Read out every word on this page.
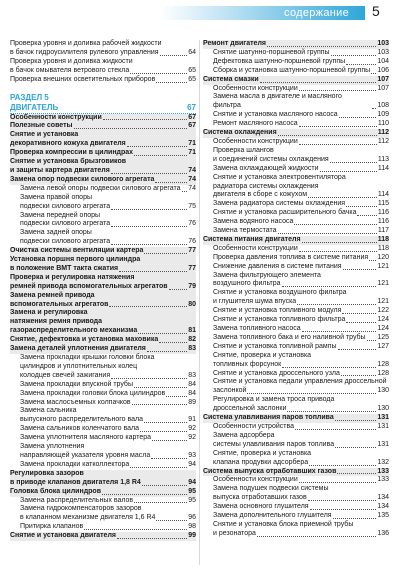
содержание 5
Проверка уровня и доливка рабочей жидкости
в бачок гидроусилителя рулевого управления	64
Проверка уровня и доливка жидкости
в бачок омывателя ветрового стекла	65
Проверка внешних осветительных приборов	65
РАЗДЕЛ 5
ДВИГАТЕЛЬ	67
Особенности конструкции	67
Полезные советы	67
Снятие и установка
декоративного кожуха двигателя	71
Проверка компрессии в цилиндрах	71
Снятие и установка брызговиков
и защиты картера двигателя	74
Замена опор подвески силового агрегата	74
Замена левой опоры подвески силового агрегата 74
Замена правой опоры
подвески силового агрегата	75
Замена передней опоры
подвески силового агрегата	76
Замена задней опоры
подвески силового агрегата	76
Очистка системы вентиляции картера	77
Установка поршня первого цилиндра
в положение ВМТ такта сжатия	77
Проверка и регулировка натяжения
ремней привода вспомогательных агрегатов	79
Замена ремней привода
вспомогательных агрегатов	80
Замена и регулировка
натяжения ремня привода
газораспределительного механизма	81
Снятие, дефектовка и установка маховика	82
Замена деталей уплотнения двигателя	83
Замена прокладки крышки головки блока
цилиндров и уплотнительных колец
колодцев свечей зажигания	83
Замена прокладки впускной трубы	84
Замена прокладки головки блока цилиндров	84
Замена маслосъемных колпачков	89
Замена сальника
выпускного распределительного вала	91
Замена сальников коленчатого вала	92
Замена уплотнителя масляного картера	92
Замена уплотнения
направляющей указателя уровня масла	93
Замена прокладки катколлектора	94
Регулировка зазоров
в приводе клапанов двигателя 1,8 R4	94
Головка блока цилиндров	95
Замена распределительных валов	95
Замена гидрокомпенсаторов зазоров
в клапанном механизме двигателя 1,6 R4	96
Притирка клапанов	98
Снятие и установка двигателя	99
Ремонт двигателя	103
Снятие шатунно-поршневой группы	103
Дефектовка шатунно-поршневой группы	104
Сборка и установка шатунно-поршневой группы 106
Система смазки	107
Особенности конструкции	107
Замена масла в двигателе и масляного фильтра	108
Снятие и установка масляного насоса	109
Ремонт масляного насоса	110
Система охлаждения	112
Особенности конструкции	112
Проверка шлангов
и соединений системы охлаждения	113
Замена охлаждающей жидкости	114
Снятие и установка электровентилятора
радиатора системы охлаждения
двигателя в сборе с кожухом	114
Замена радиатора системы охлаждения	115
Снятие и установка расширительного бачка	116
Замена водяного насоса	116
Замена термостата	117
Система питания двигателя	118
Особенности конструкции	118
Проверка давления топлива в системе питания 120
Снижение давления в системе питания	121
Замена фильтрующего элемента
воздушного фильтра	121
Снятие и установка воздушного фильтра
и глушителя шума впуска	121
Снятие и установка топливного модуля	122
Снятие и установка топливного фильтра	124
Замена топливного насоса	124
Замена топливного бака и его наливной трубы 125
Снятие и установка топливной рампы	127
Снятие, проверка и установка
топливных форсунок	128
Снятие и установка дроссельного узла	128
Снятие и установка педали управления дроссельной
заслонкой	130
Регулировка и замена троса привода
дроссельной заслонки	130
Система улавливания паров топлива	131
Особенности устройства	131
Замена адсорбера
системы улавливания паров топлива	131
Снятие, проверка и установка
клапана продувки адсорбера	132
Система выпуска отработавших газов	133
Особенности конструкции	133
Замена подушек подвески системы
выпуска отработавших газов	134
Замена основного глушителя	134
Замена дополнительного глушителя	135
Снятие и установка блока приемной трубы
и резонатора	136
